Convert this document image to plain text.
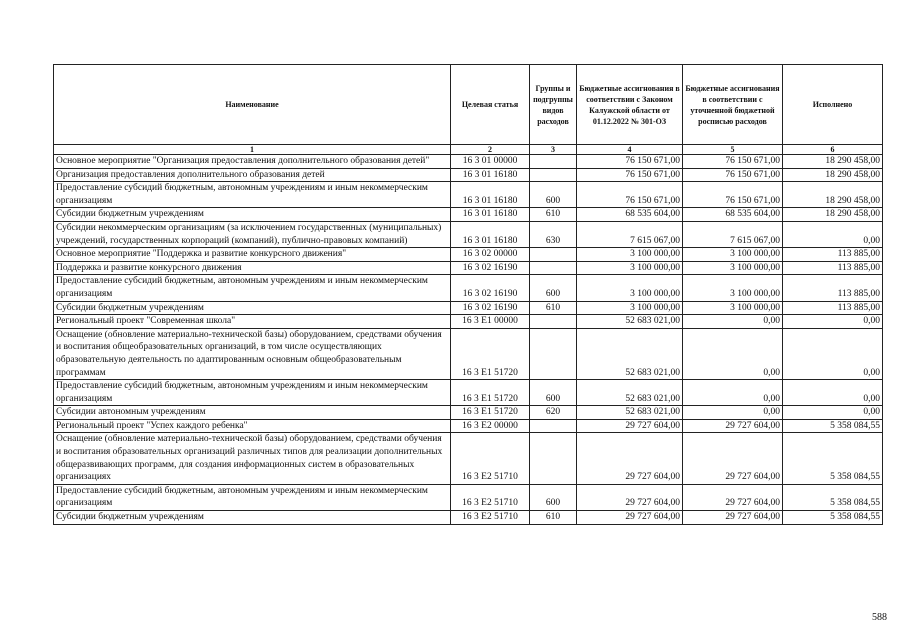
Наименование	Целевая статья	Группы и подгруппы видов расходов	Бюджетные ассигнования в соответствии с Законом Калужской области от 01.12.2022 № 301-ОЗ	Бюджетные ассигнования в соответствии с уточненной бюджетной росписью расходов	Исполнено
1	2	3	4	5	6
Основное мероприятие "Организация предоставления дополнительного образования детей"	16 3 01 00000		76 150 671,00	76 150 671,00	18 290 458,00
Организация предоставления дополнительного образования детей	16 3 01 16180		76 150 671,00	76 150 671,00	18 290 458,00
Предоставление субсидий бюджетным, автономным учреждениям и иным некоммерческим организациям	16 3 01 16180	600	76 150 671,00	76 150 671,00	18 290 458,00
Субсидии бюджетным учреждениям	16 3 01 16180	610	68 535 604,00	68 535 604,00	18 290 458,00
Субсидии некоммерческим организациям (за исключением государственных (муниципальных) учреждений, государственных корпораций (компаний), публично-правовых компаний)	16 3 01 16180	630	7 615 067,00	7 615 067,00	0,00
Основное мероприятие "Поддержка и развитие конкурсного движения"	16 3 02 00000		3 100 000,00	3 100 000,00	113 885,00
Поддержка и развитие конкурсного движения	16 3 02 16190		3 100 000,00	3 100 000,00	113 885,00
Предоставление субсидий бюджетным, автономным учреждениям и иным некоммерческим организациям	16 3 02 16190	600	3 100 000,00	3 100 000,00	113 885,00
Субсидии бюджетным учреждениям	16 3 02 16190	610	3 100 000,00	3 100 000,00	113 885,00
Региональный проект "Современная школа"	16 3 E1 00000		52 683 021,00	0,00	0,00
Оснащение (обновление материально-технической базы) оборудованием, средствами обучения и воспитания общеобразовательных организаций, в том числе осуществляющих образовательную деятельность по адаптированным основным общеобразовательным программам	16 3 E1 51720		52 683 021,00	0,00	0,00
Предоставление субсидий бюджетным, автономным учреждениям и иным некоммерческим организациям	16 3 E1 51720	600	52 683 021,00	0,00	0,00
Субсидии автономным учреждениям	16 3 E1 51720	620	52 683 021,00	0,00	0,00
Региональный проект "Успех каждого ребенка"	16 3 E2 00000		29 727 604,00	29 727 604,00	5 358 084,55
Оснащение (обновление материально-технической базы) оборудованием, средствами обучения и воспитания образовательных организаций различных типов для реализации дополнительных общеразвивающих программ, для создания информационных систем в образовательных организациях	16 3 E2 51710		29 727 604,00	29 727 604,00	5 358 084,55
Предоставление субсидий бюджетным, автономным учреждениям и иным некоммерческим организациям	16 3 E2 51710	600	29 727 604,00	29 727 604,00	5 358 084,55
Субсидии бюджетным учреждениям	16 3 E2 51710	610	29 727 604,00	29 727 604,00	5 358 084,55
588
